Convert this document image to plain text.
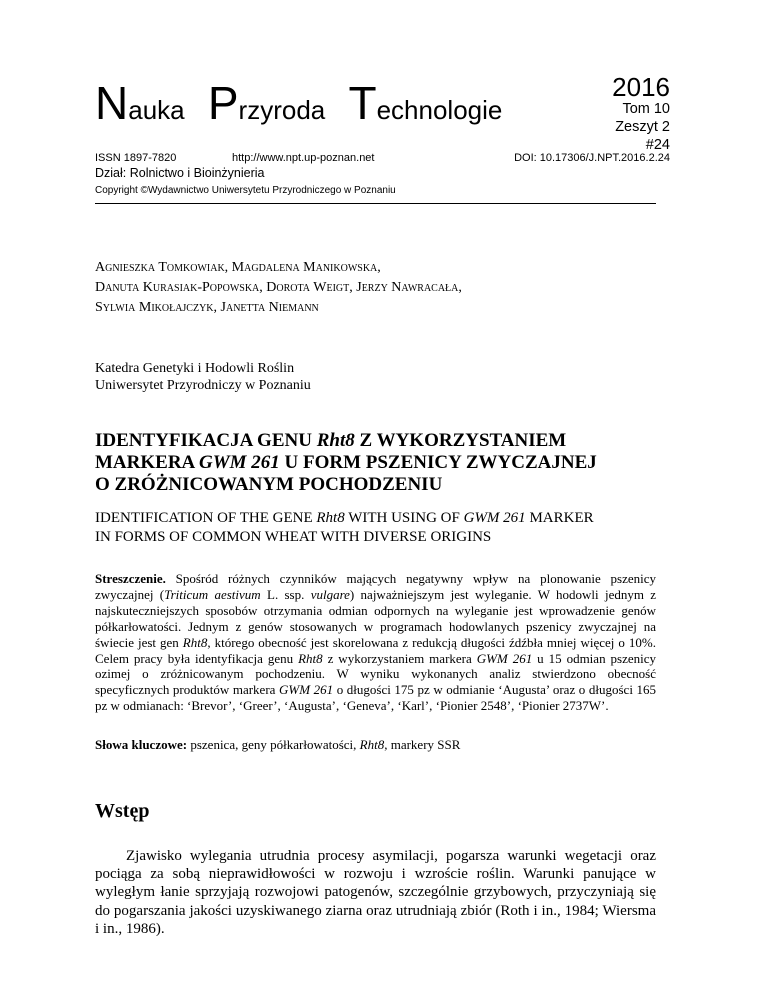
Nauka Przyroda Technologie
2016
Tom 10
Zeszyt 2
#24
ISSN 1897-7820	http://www.npt.up-poznan.net	DOI: 10.17306/J.NPT.2016.2.24
Dział: Rolnictwo i Bioinżynieria
Copyright ©Wydawnictwo Uniwersytetu Przyrodniczego w Poznaniu
Agnieszka Tomkowiak, Magdalena Manikowska,
Danuta Kurasiak-Popowska, Dorota Weigt, Jerzy Nawracała,
Sylwia Mikołajczyk, Janetta Niemann
Katedra Genetyki i Hodowli Roślin
Uniwersytet Przyrodniczy w Poznaniu
IDENTYFIKACJA GENU Rht8 Z WYKORZYSTANIEM
MARKERA GWM 261 U FORM PSZENICY ZWYCZAJNEJ
O ZRÓŻNICOWANYM POCHODZENIU
IDENTIFICATION OF THE GENE Rht8 WITH USING OF GWM 261 MARKER
IN FORMS OF COMMON WHEAT WITH DIVERSE ORIGINS
Streszczenie. Spośród różnych czynników mających negatywny wpływ na plonowanie pszenicy zwyczajnej (Triticum aestivum L. ssp. vulgare) najważniejszym jest wyleganie. W hodowli jednym z najskuteczniejszych sposobów otrzymania odmian odpornych na wyleganie jest wprowadzenie genów półkarłowatości. Jednym z genów stosowanych w programach hodowlanych pszenicy zwyczajnej na świecie jest gen Rht8, którego obecność jest skorelowana z redukcją długości źdźbła mniej więcej o 10%. Celem pracy była identyfikacja genu Rht8 z wykorzystaniem markera GWM 261 u 15 odmian pszenicy ozimej o zróżnicowanym pochodzeniu. W wyniku wykonanych analiz stwierdzono obecność specyficznych produktów markera GWM 261 o długości 175 pz w odmianie ‘Augusta’ oraz o długości 165 pz w odmianach: ‘Brevor’, ‘Greer’, ‘Augusta’, ‘Geneva’, ‘Karl’, ‘Pionier 2548’, ‘Pionier 2737W’.
Słowa kluczowe: pszenica, geny półkarłowatości, Rht8, markery SSR
Wstęp
Zjawisko wylegania utrudnia procesy asymilacji, pogarsza warunki wegetacji oraz pociąga za sobą nieprawidłowości w rozwoju i wzroście roślin. Warunki panujące w wyległym łanie sprzyjają rozwojowi patogenów, szczególnie grzybowych, przyczyniają się do pogarszania jakości uzyskiwanego ziarna oraz utrudniają zbiór (Roth i in., 1984; Wiersma i in., 1986).
